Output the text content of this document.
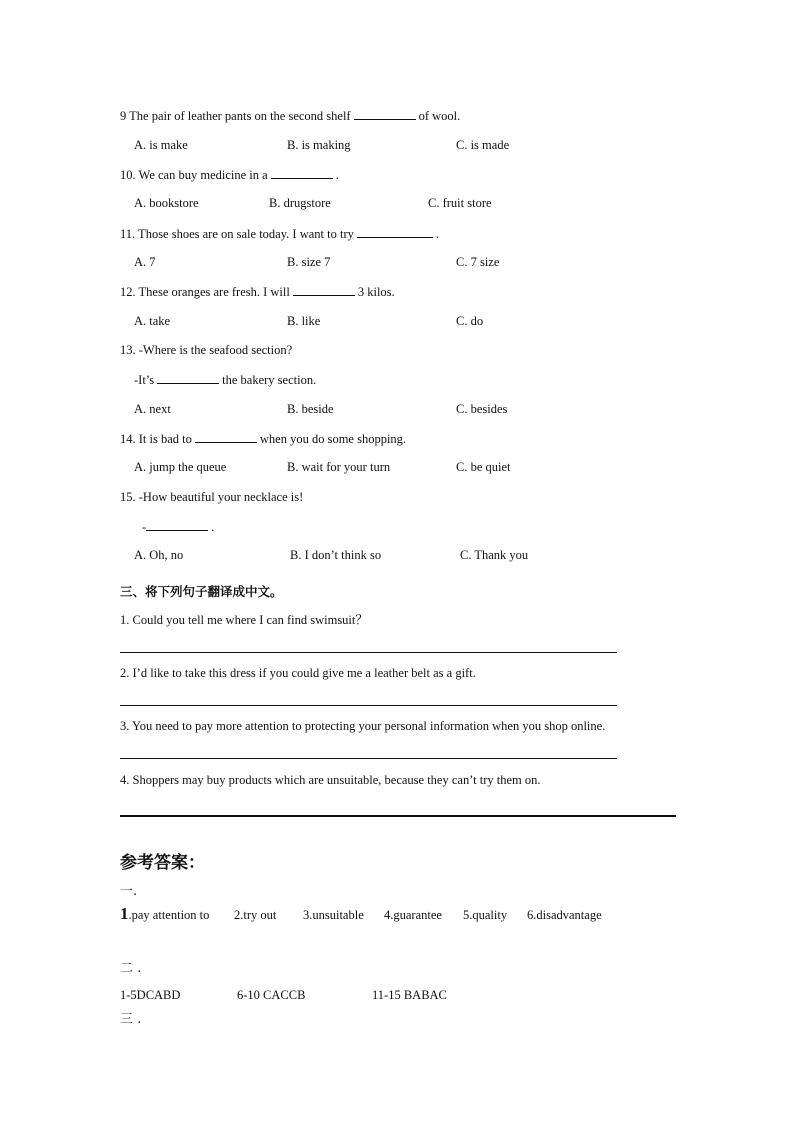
9 The pair of leather pants on the second shelf	of wool.
A. is make	B. is making	C. is made
10. We can buy medicine in a	.
A. bookstore	B. drugstore	C. fruit store
11. Those shoes are on sale today. I want to try	.
A. 7	B. size 7	C. 7 size
12. These oranges are fresh. I will	3 kilos.
A. take	B. like	C. do
13. -Where is the seafood section?
-It’s	the bakery section.
A. next	B. beside	C. besides
14. It is bad to	when you do some shopping.
A. jump the queue	B. wait for your turn	C. be quiet
15. -How beautiful your necklace is!
-	.
A. Oh, no	B. I don’t think so	C. Thank you
三、将下列句子翻译成中文。
1. Could you tell me where I can find swimsuit？
2. I’d like to take this dress if you could give me a leather belt as a gift.
3. You need to pay more attention to protecting your personal information when you shop online.
4. Shoppers may buy products which are unsuitable, because they can’t try them on.
参考答案：
一.
1.pay attention to 2.try out 3.unsuitable 4.guarantee 5.quality 6.disadvantage
二 .
1-5DCABD	6-10 CACCB	11-15 BABAC
三 .
